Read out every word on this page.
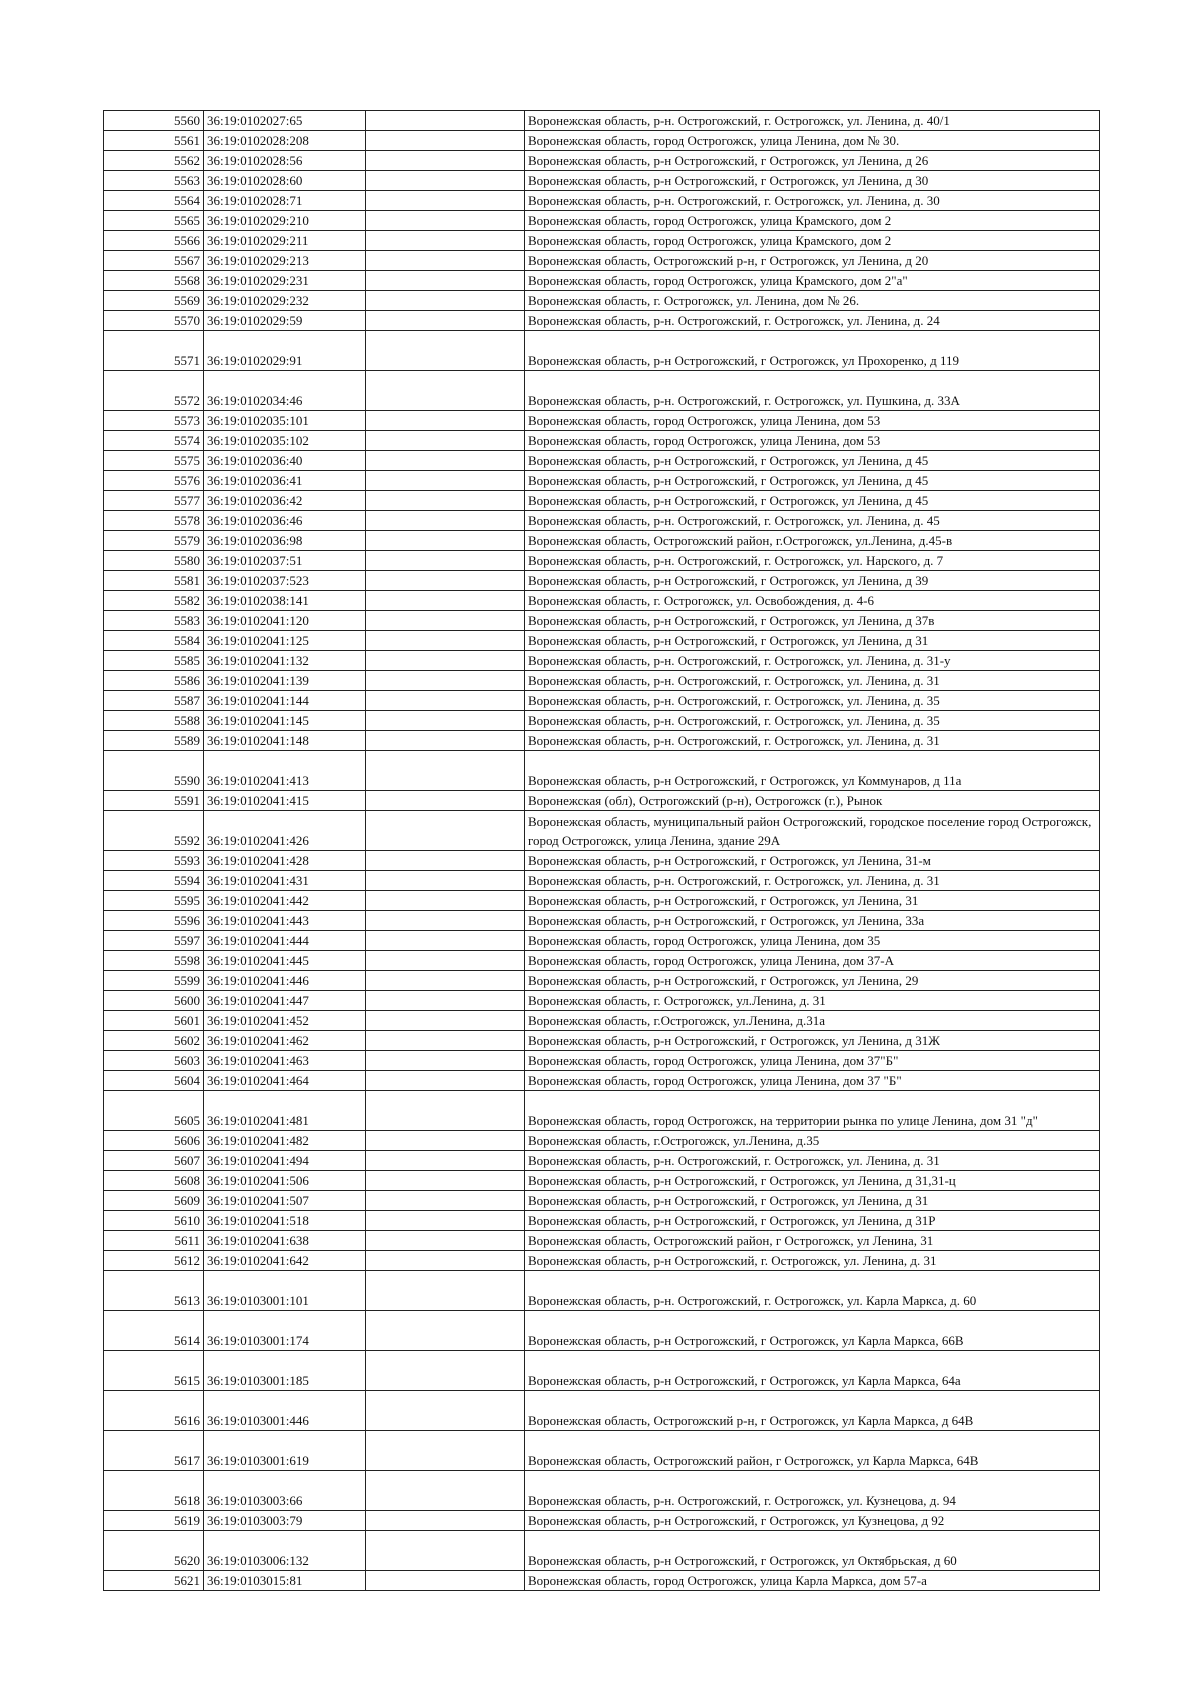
5560	36:19:0102027:65		Воронежская область, р-н. Острогожский, г. Острогожск, ул. Ленина, д. 40/1
5561	36:19:0102028:208		Воронежская область, город Острогожск, улица Ленина, дом № 30.
5562	36:19:0102028:56		Воронежская область, р-н Острогожский, г Острогожск, ул Ленина, д 26
5563	36:19:0102028:60		Воронежская область, р-н Острогожский, г Острогожск, ул Ленина, д 30
5564	36:19:0102028:71		Воронежская область, р-н. Острогожский, г. Острогожск, ул. Ленина, д. 30
5565	36:19:0102029:210		Воронежская область, город Острогожск, улица Крамского, дом 2
5566	36:19:0102029:211		Воронежская область, город Острогожск, улица Крамского, дом 2
5567	36:19:0102029:213		Воронежская область, Острогожский р-н, г Острогожск, ул Ленина, д 20
5568	36:19:0102029:231		Воронежская область, город Острогожск, улица Крамского, дом 2"а"
5569	36:19:0102029:232		Воронежская область, г. Острогожск, ул. Ленина, дом № 26.
5570	36:19:0102029:59		Воронежская область, р-н. Острогожский, г. Острогожск, ул. Ленина, д. 24
5571	36:19:0102029:91		Воронежская область, р-н Острогожский, г Острогожск, ул Прохоренко, д 119
5572	36:19:0102034:46		Воронежская область, р-н. Острогожский, г. Острогожск, ул. Пушкина, д. 33А
5573	36:19:0102035:101		Воронежская область, город Острогожск, улица Ленина, дом 53
5574	36:19:0102035:102		Воронежская область, город Острогожск, улица Ленина, дом 53
5575	36:19:0102036:40		Воронежская область, р-н Острогожский, г Острогожск, ул Ленина, д 45
5576	36:19:0102036:41		Воронежская область, р-н Острогожский, г Острогожск, ул Ленина, д 45
5577	36:19:0102036:42		Воронежская область, р-н Острогожский, г Острогожск, ул Ленина, д 45
5578	36:19:0102036:46		Воронежская область, р-н. Острогожский, г. Острогожск, ул. Ленина, д. 45
5579	36:19:0102036:98		Воронежская область, Острогожский район, г.Острогожск, ул.Ленина, д.45-в
5580	36:19:0102037:51		Воронежская область, р-н. Острогожский, г. Острогожск, ул. Нарского, д. 7
5581	36:19:0102037:523		Воронежская область, р-н Острогожский, г Острогожск, ул Ленина, д 39
5582	36:19:0102038:141		Воронежская область, г. Острогожск, ул. Освобождения, д. 4-6
5583	36:19:0102041:120		Воронежская область, р-н Острогожский, г Острогожск, ул Ленина, д 37в
5584	36:19:0102041:125		Воронежская область, р-н Острогожский, г Острогожск, ул Ленина, д 31
5585	36:19:0102041:132		Воронежская область, р-н. Острогожский, г. Острогожск, ул. Ленина, д. 31-у
5586	36:19:0102041:139		Воронежская область, р-н. Острогожский, г. Острогожск, ул. Ленина, д. 31
5587	36:19:0102041:144		Воронежская область, р-н. Острогожский, г. Острогожск, ул. Ленина, д. 35
5588	36:19:0102041:145		Воронежская область, р-н. Острогожский, г. Острогожск, ул. Ленина, д. 35
5589	36:19:0102041:148		Воронежская область, р-н. Острогожский, г. Острогожск, ул. Ленина, д. 31
5590	36:19:0102041:413		Воронежская область, р-н Острогожский, г Острогожск, ул Коммунаров, д 11а
5591	36:19:0102041:415		Воронежская (обл), Острогожский (р-н), Острогожск (г.), Рынок
5592	36:19:0102041:426		Воронежская область, муниципальный район Острогожский, городское поселение город Острогожск, город Острогожск, улица Ленина, здание 29А
5593	36:19:0102041:428		Воронежская область, р-н Острогожский, г Острогожск, ул Ленина, 31-м
5594	36:19:0102041:431		Воронежская область, р-н. Острогожский, г. Острогожск, ул. Ленина, д. 31
5595	36:19:0102041:442		Воронежская область, р-н Острогожский, г Острогожск, ул Ленина, 31
5596	36:19:0102041:443		Воронежская область, р-н Острогожский, г Острогожск, ул Ленина, 33а
5597	36:19:0102041:444		Воронежская область, город Острогожск, улица Ленина, дом 35
5598	36:19:0102041:445		Воронежская область, город Острогожск, улица Ленина, дом 37-А
5599	36:19:0102041:446		Воронежская область, р-н Острогожский, г Острогожск, ул Ленина, 29
5600	36:19:0102041:447		Воронежская область, г. Острогожск, ул.Ленина, д. 31
5601	36:19:0102041:452		Воронежская область, г.Острогожск, ул.Ленина, д.31а
5602	36:19:0102041:462		Воронежская область, р-н Острогожский, г Острогожск, ул Ленина, д 31Ж
5603	36:19:0102041:463		Воронежская область, город Острогожск, улица Ленина, дом 37"Б"
5604	36:19:0102041:464		Воронежская область, город Острогожск, улица Ленина, дом 37 "Б"
5605	36:19:0102041:481		Воронежская область, город Острогожск, на территории рынка по улице Ленина, дом 31 "д"
5606	36:19:0102041:482		Воронежская область, г.Острогожск, ул.Ленина, д.35
5607	36:19:0102041:494		Воронежская область, р-н. Острогожский, г. Острогожск, ул. Ленина, д. 31
5608	36:19:0102041:506		Воронежская область, р-н Острогожский, г Острогожск, ул Ленина, д 31,31-ц
5609	36:19:0102041:507		Воронежская область, р-н Острогожский, г Острогожск, ул Ленина, д 31
5610	36:19:0102041:518		Воронежская область, р-н Острогожский, г Острогожск, ул Ленина, д 31Р
5611	36:19:0102041:638		Воронежская область, Острогожский район, г Острогожск, ул Ленина, 31
5612	36:19:0102041:642		Воронежская область, р-н Острогожский, г. Острогожск, ул. Ленина, д. 31
5613	36:19:0103001:101		Воронежская область, р-н. Острогожский, г. Острогожск, ул. Карла Маркса, д. 60
5614	36:19:0103001:174		Воронежская область, р-н Острогожский, г Острогожск, ул Карла Маркса, 66В
5615	36:19:0103001:185		Воронежская область, р-н Острогожский, г Острогожск, ул Карла Маркса, 64а
5616	36:19:0103001:446		Воронежская область, Острогожский р-н, г Острогожск, ул Карла Маркса, д 64В
5617	36:19:0103001:619		Воронежская область, Острогожский район, г Острогожск, ул Карла Маркса, 64В
5618	36:19:0103003:66		Воронежская область, р-н. Острогожский, г. Острогожск, ул. Кузнецова, д. 94
5619	36:19:0103003:79		Воронежская область, р-н Острогожский, г Острогожск, ул Кузнецова, д 92
5620	36:19:0103006:132		Воронежская область, р-н Острогожский, г Острогожск, ул Октябрьская, д 60
5621	36:19:0103015:81		Воронежская область, город Острогожск, улица Карла Маркса, дом 57-а
